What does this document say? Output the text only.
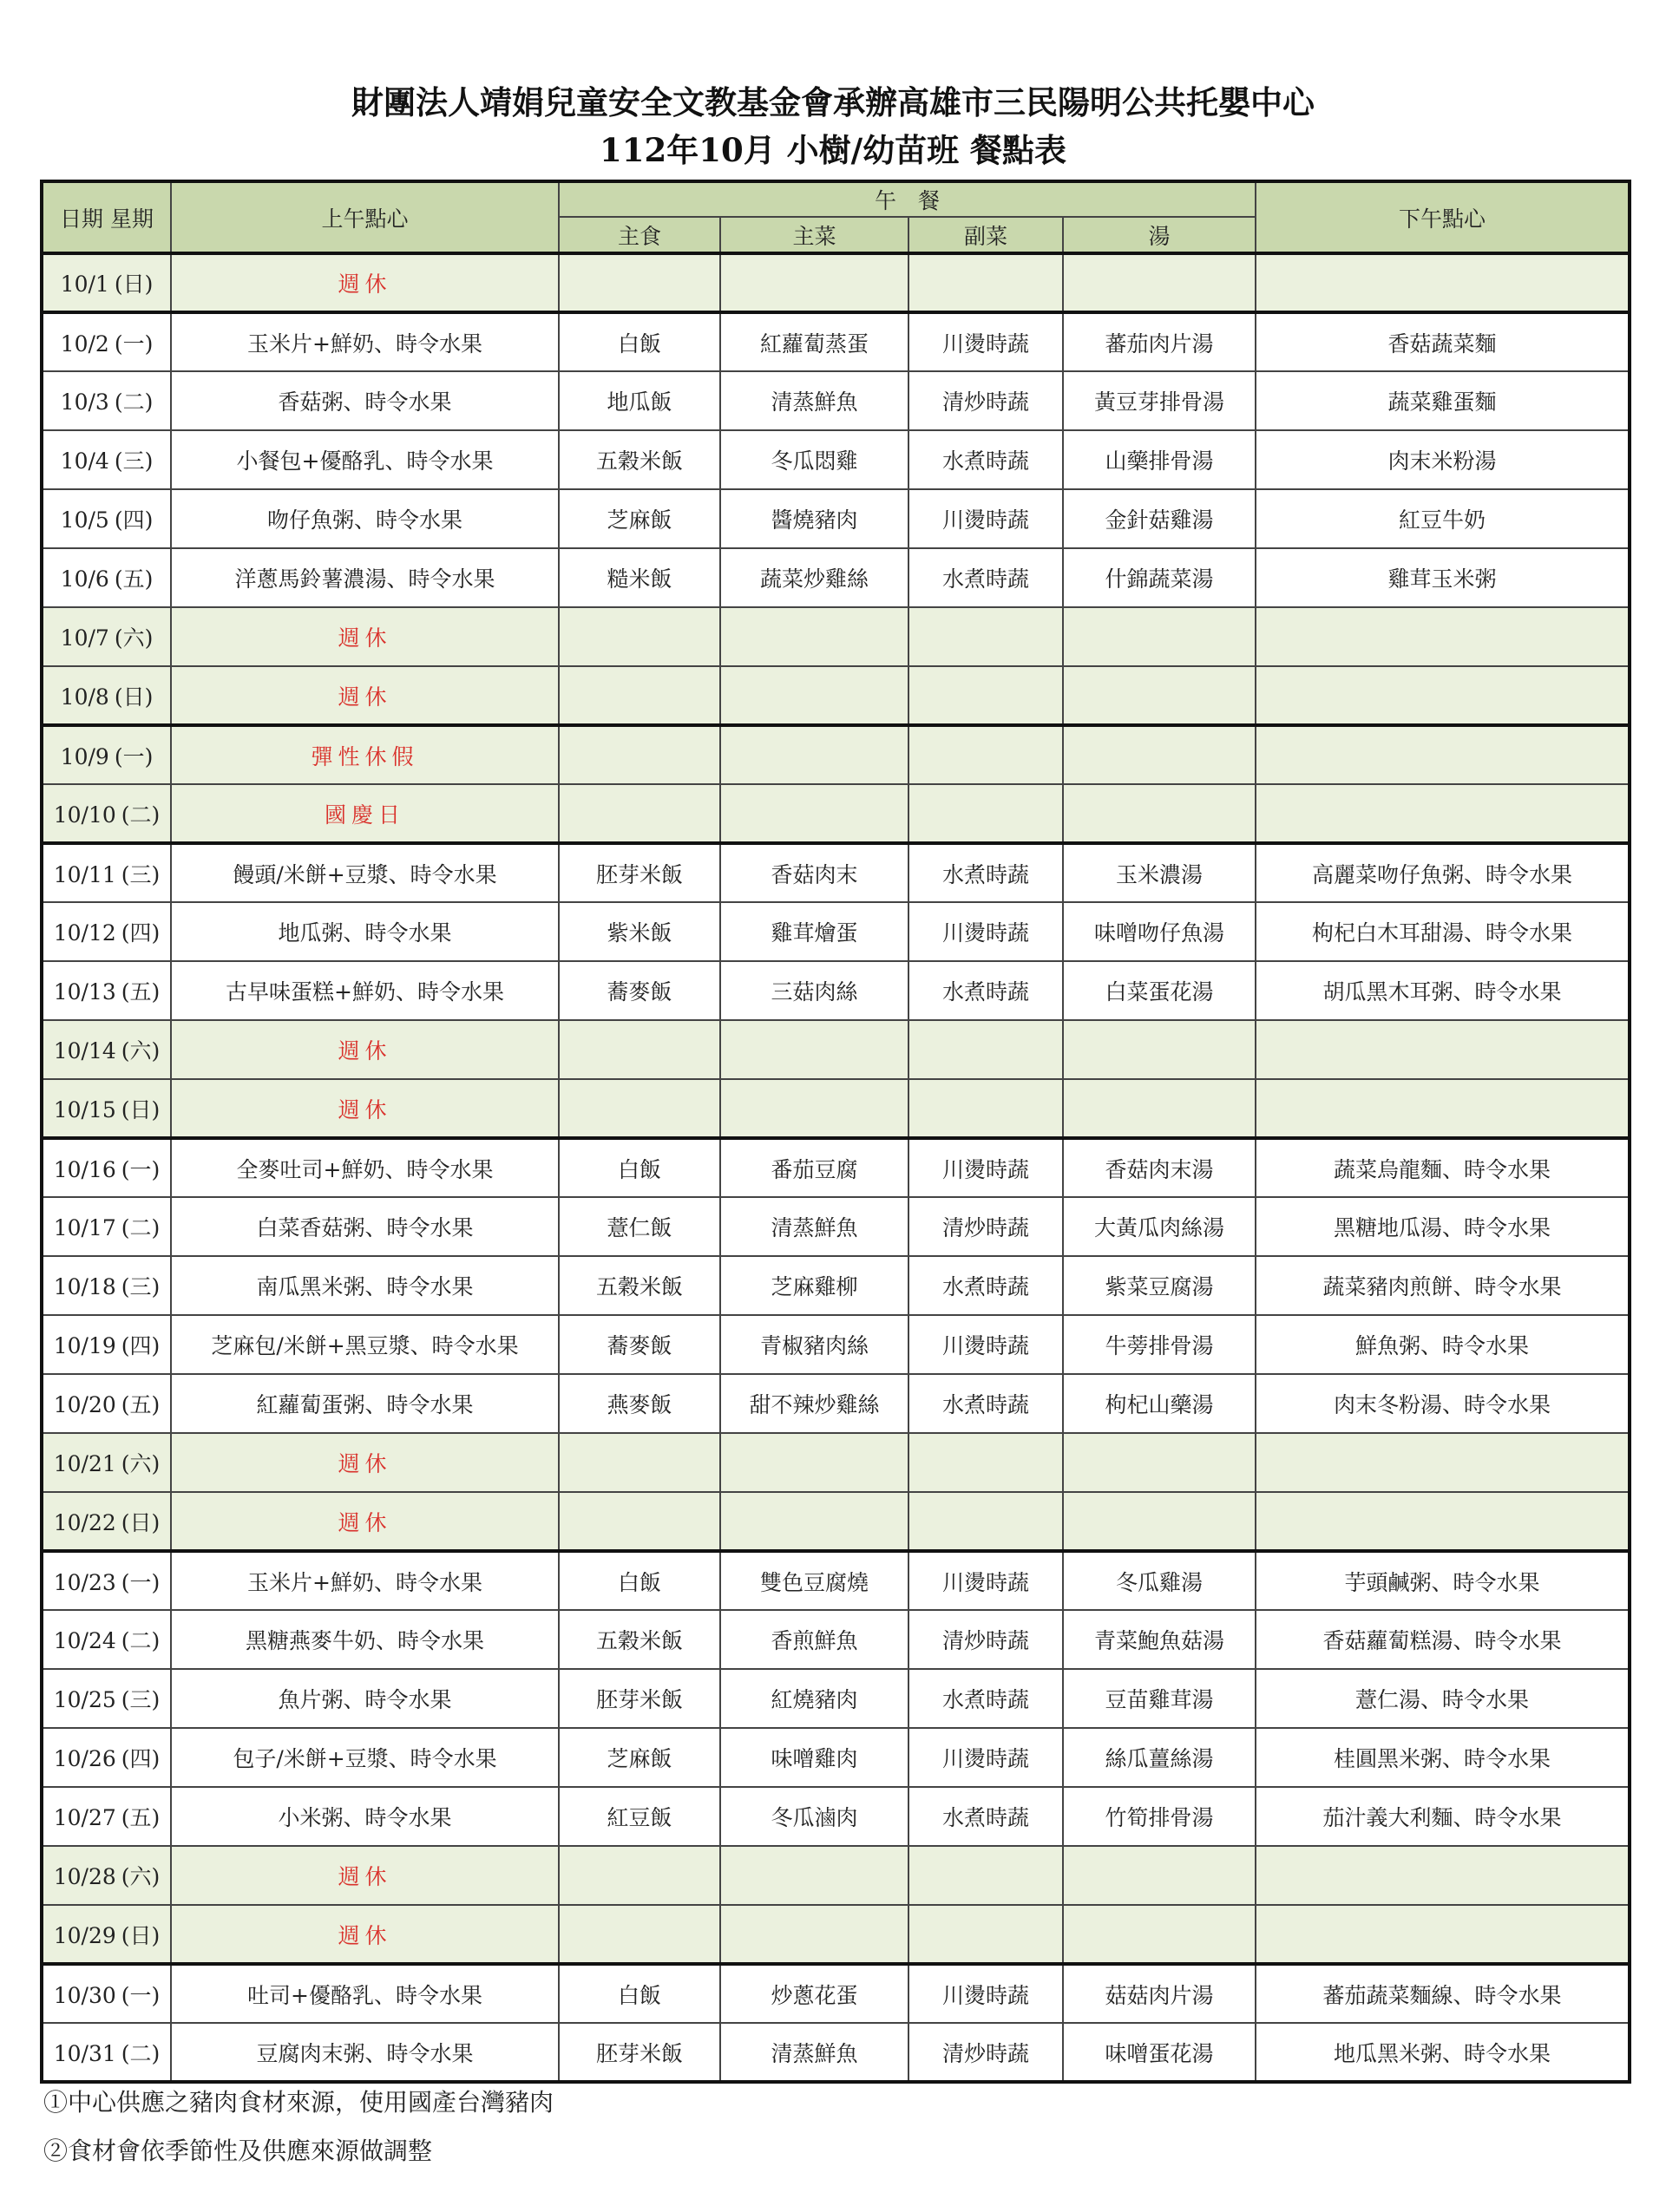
財團法人靖娟兒童安全文教基金會承辦高雄市三民陽明公共托嬰中心
112年10月 小樹/幼苗班 餐點表
日期 星期	上午點心	午　餐				下午點心
		主食	主菜	副菜	湯	
10/1 (日)	週休					
10/2 (一)	玉米片+鮮奶、時令水果	白飯	紅蘿蔔蒸蛋	川燙時蔬	蕃茄肉片湯	香菇蔬菜麵
10/3 (二)	香菇粥、時令水果	地瓜飯	清蒸鮮魚	清炒時蔬	黃豆芽排骨湯	蔬菜雞蛋麵
10/4 (三)	小餐包+優酪乳、時令水果	五穀米飯	冬瓜悶雞	水煮時蔬	山藥排骨湯	肉末米粉湯
10/5 (四)	吻仔魚粥、時令水果	芝麻飯	醬燒豬肉	川燙時蔬	金針菇雞湯	紅豆牛奶
10/6 (五)	洋蔥馬鈴薯濃湯、時令水果	糙米飯	蔬菜炒雞絲	水煮時蔬	什錦蔬菜湯	雞茸玉米粥
10/7 (六)	週休					
10/8 (日)	週休					
10/9 (一)	彈性休假					
10/10 (二)	國慶日					
10/11 (三)	饅頭/米餅+豆漿、時令水果	胚芽米飯	香菇肉末	水煮時蔬	玉米濃湯	高麗菜吻仔魚粥、時令水果
10/12 (四)	地瓜粥、時令水果	紫米飯	雞茸燴蛋	川燙時蔬	味噌吻仔魚湯	枸杞白木耳甜湯、時令水果
10/13 (五)	古早味蛋糕+鮮奶、時令水果	蕎麥飯	三菇肉絲	水煮時蔬	白菜蛋花湯	胡瓜黑木耳粥、時令水果
10/14 (六)	週休					
10/15 (日)	週休					
10/16 (一)	全麥吐司+鮮奶、時令水果	白飯	番茄豆腐	川燙時蔬	香菇肉末湯	蔬菜烏龍麵、時令水果
10/17 (二)	白菜香菇粥、時令水果	薏仁飯	清蒸鮮魚	清炒時蔬	大黃瓜肉絲湯	黑糖地瓜湯、時令水果
10/18 (三)	南瓜黑米粥、時令水果	五穀米飯	芝麻雞柳	水煮時蔬	紫菜豆腐湯	蔬菜豬肉煎餅、時令水果
10/19 (四)	芝麻包/米餅+黑豆漿、時令水果	蕎麥飯	青椒豬肉絲	川燙時蔬	牛蒡排骨湯	鮮魚粥、時令水果
10/20 (五)	紅蘿蔔蛋粥、時令水果	燕麥飯	甜不辣炒雞絲	水煮時蔬	枸杞山藥湯	肉末冬粉湯、時令水果
10/21 (六)	週休					
10/22 (日)	週休					
10/23 (一)	玉米片+鮮奶、時令水果	白飯	雙色豆腐燒	川燙時蔬	冬瓜雞湯	芋頭鹹粥、時令水果
10/24 (二)	黑糖燕麥牛奶、時令水果	五穀米飯	香煎鮮魚	清炒時蔬	青菜鮑魚菇湯	香菇蘿蔔糕湯、時令水果
10/25 (三)	魚片粥、時令水果	胚芽米飯	紅燒豬肉	水煮時蔬	豆苗雞茸湯	薏仁湯、時令水果
10/26 (四)	包子/米餅+豆漿、時令水果	芝麻飯	味噌雞肉	川燙時蔬	絲瓜薑絲湯	桂圓黑米粥、時令水果
10/27 (五)	小米粥、時令水果	紅豆飯	冬瓜滷肉	水煮時蔬	竹筍排骨湯	茄汁義大利麵、時令水果
10/28 (六)	週休					
10/29 (日)	週休					
10/30 (一)	吐司+優酪乳、時令水果	白飯	炒蔥花蛋	川燙時蔬	菇菇肉片湯	蕃茄蔬菜麵線、時令水果
10/31 (二)	豆腐肉末粥、時令水果	胚芽米飯	清蒸鮮魚	清炒時蔬	味噌蛋花湯	地瓜黑米粥、時令水果
①中心供應之豬肉食材來源，使用國產台灣豬肉
②食材會依季節性及供應來源做調整
